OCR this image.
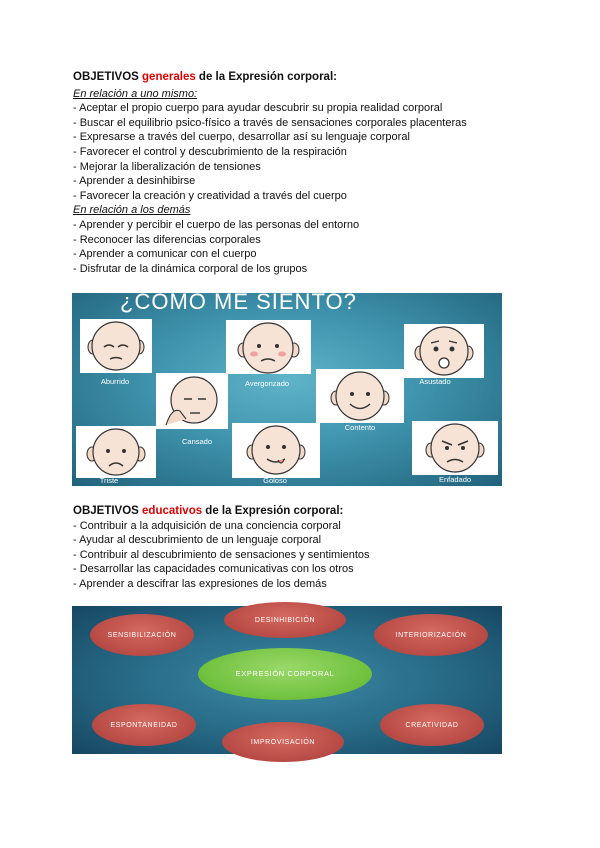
OBJETIVOS generales de la Expresión corporal:
En relación a uno mismo:
- Aceptar el propio cuerpo para ayudar descubrir su propia realidad corporal
- Buscar el equilibrio psico-físico a través de sensaciones corporales placenteras
- Expresarse a través del cuerpo, desarrollar así su lenguaje corporal
- Favorecer el control y descubrimiento de la respiración
- Mejorar la liberalización de tensiones
- Aprender a desinhibirse
- Favorecer la creación y creatividad a través del cuerpo
En relación a los demás
- Aprender y percibir el cuerpo de las personas del entorno
- Reconocer las diferencias corporales
- Aprender a comunicar con el cuerpo
- Disfrutar de la dinámica corporal de los grupos
¿CÓMO ME SIENTO?
Aburrido	Avergonzado	Asustado
Cansado
Contento
Triste	Goloso	Enfadado
OBJETIVOS educativos de la Expresión corporal:
- Contribuir a la adquisición de una conciencia corporal
- Ayudar al descubrimiento de un lenguaje corporal
- Contribuir al descubrimiento de sensaciones y sentimientos
- Desarrollar las capacidades comunicativas con los otros
- Aprender a descifrar las expresiones de los demás
SENSIBILIZACIÓN
DESINHIBICIÓN
INTERIORIZACIÓN
EXPRESIÓN CORPORAL
ESPONTANEIDAD
IMPROVISACIÓN
CREATIVIDAD
